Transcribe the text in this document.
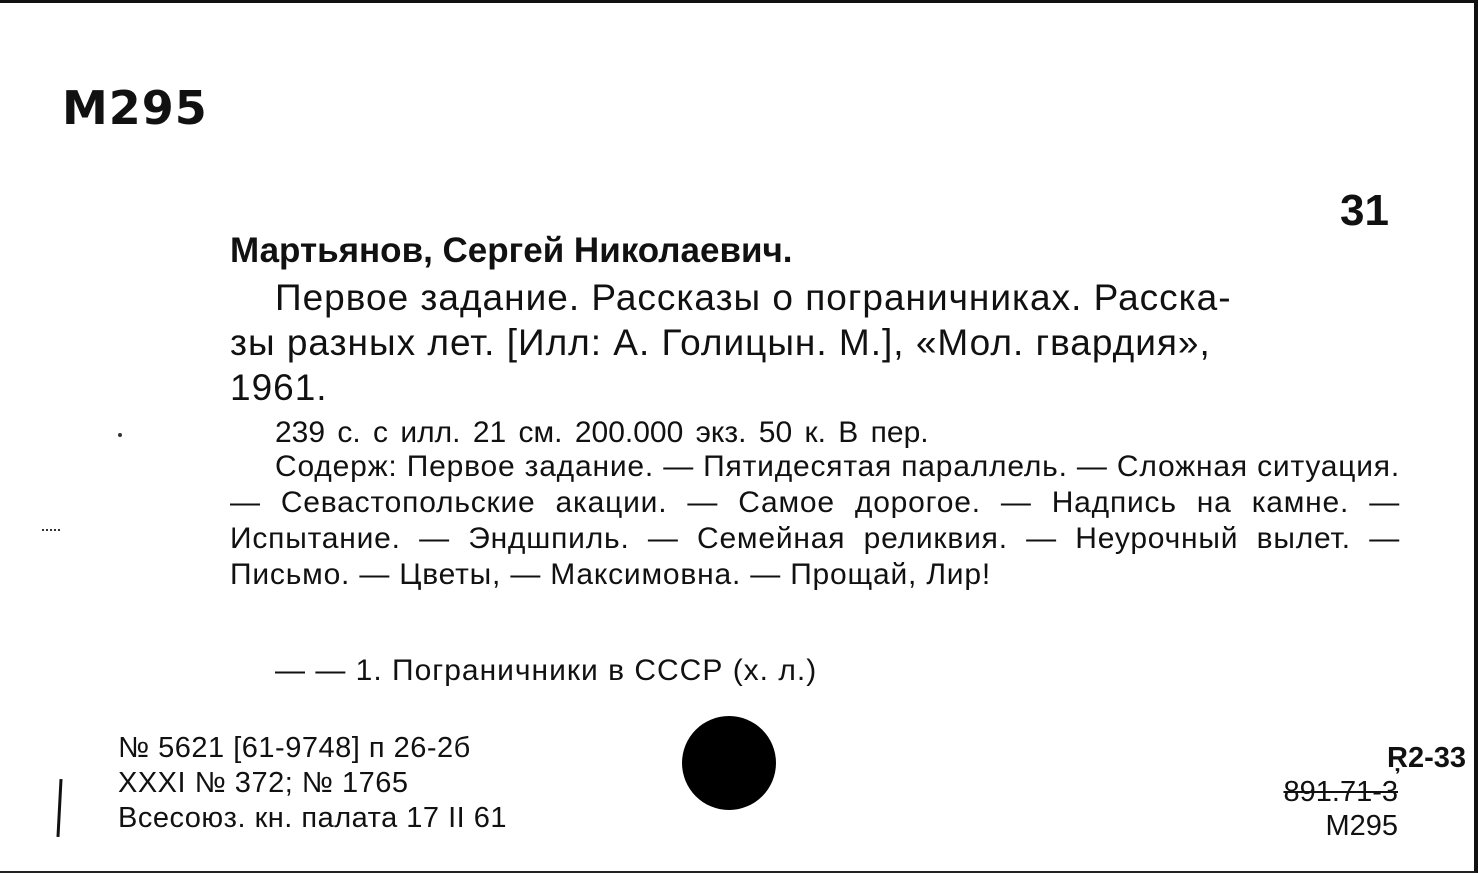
M295
31
Мартьянов, Сергей Николаевич.
Первое задание. Рассказы о пограничниках. Расска-
зы разных лет. [Илл: А. Голицын. М.], «Мол. гвардия»,
1961.
239 с. с илл. 21 см. 200.000 экз. 50 к. В пер.
Содерж: Первое задание. — Пятидесятая параллель. — Сложная ситуация. — Севастопольские акации. — Самое дорогое. — Надпись на камне. — Испытание. — Эндшпиль. — Семейная реликвия. — Неурочный вылет. — Письмо. — Цветы, — Максимовна. — Прощай, Лир!
— — 1. Пограничники в СССР (х. л.)
№ 5621 [61-9748] п 26-2б
XXXI № 372; № 1765
Всесоюз. кн. палата 17 II 61
Ŗ2-33
891.71-3
М295
